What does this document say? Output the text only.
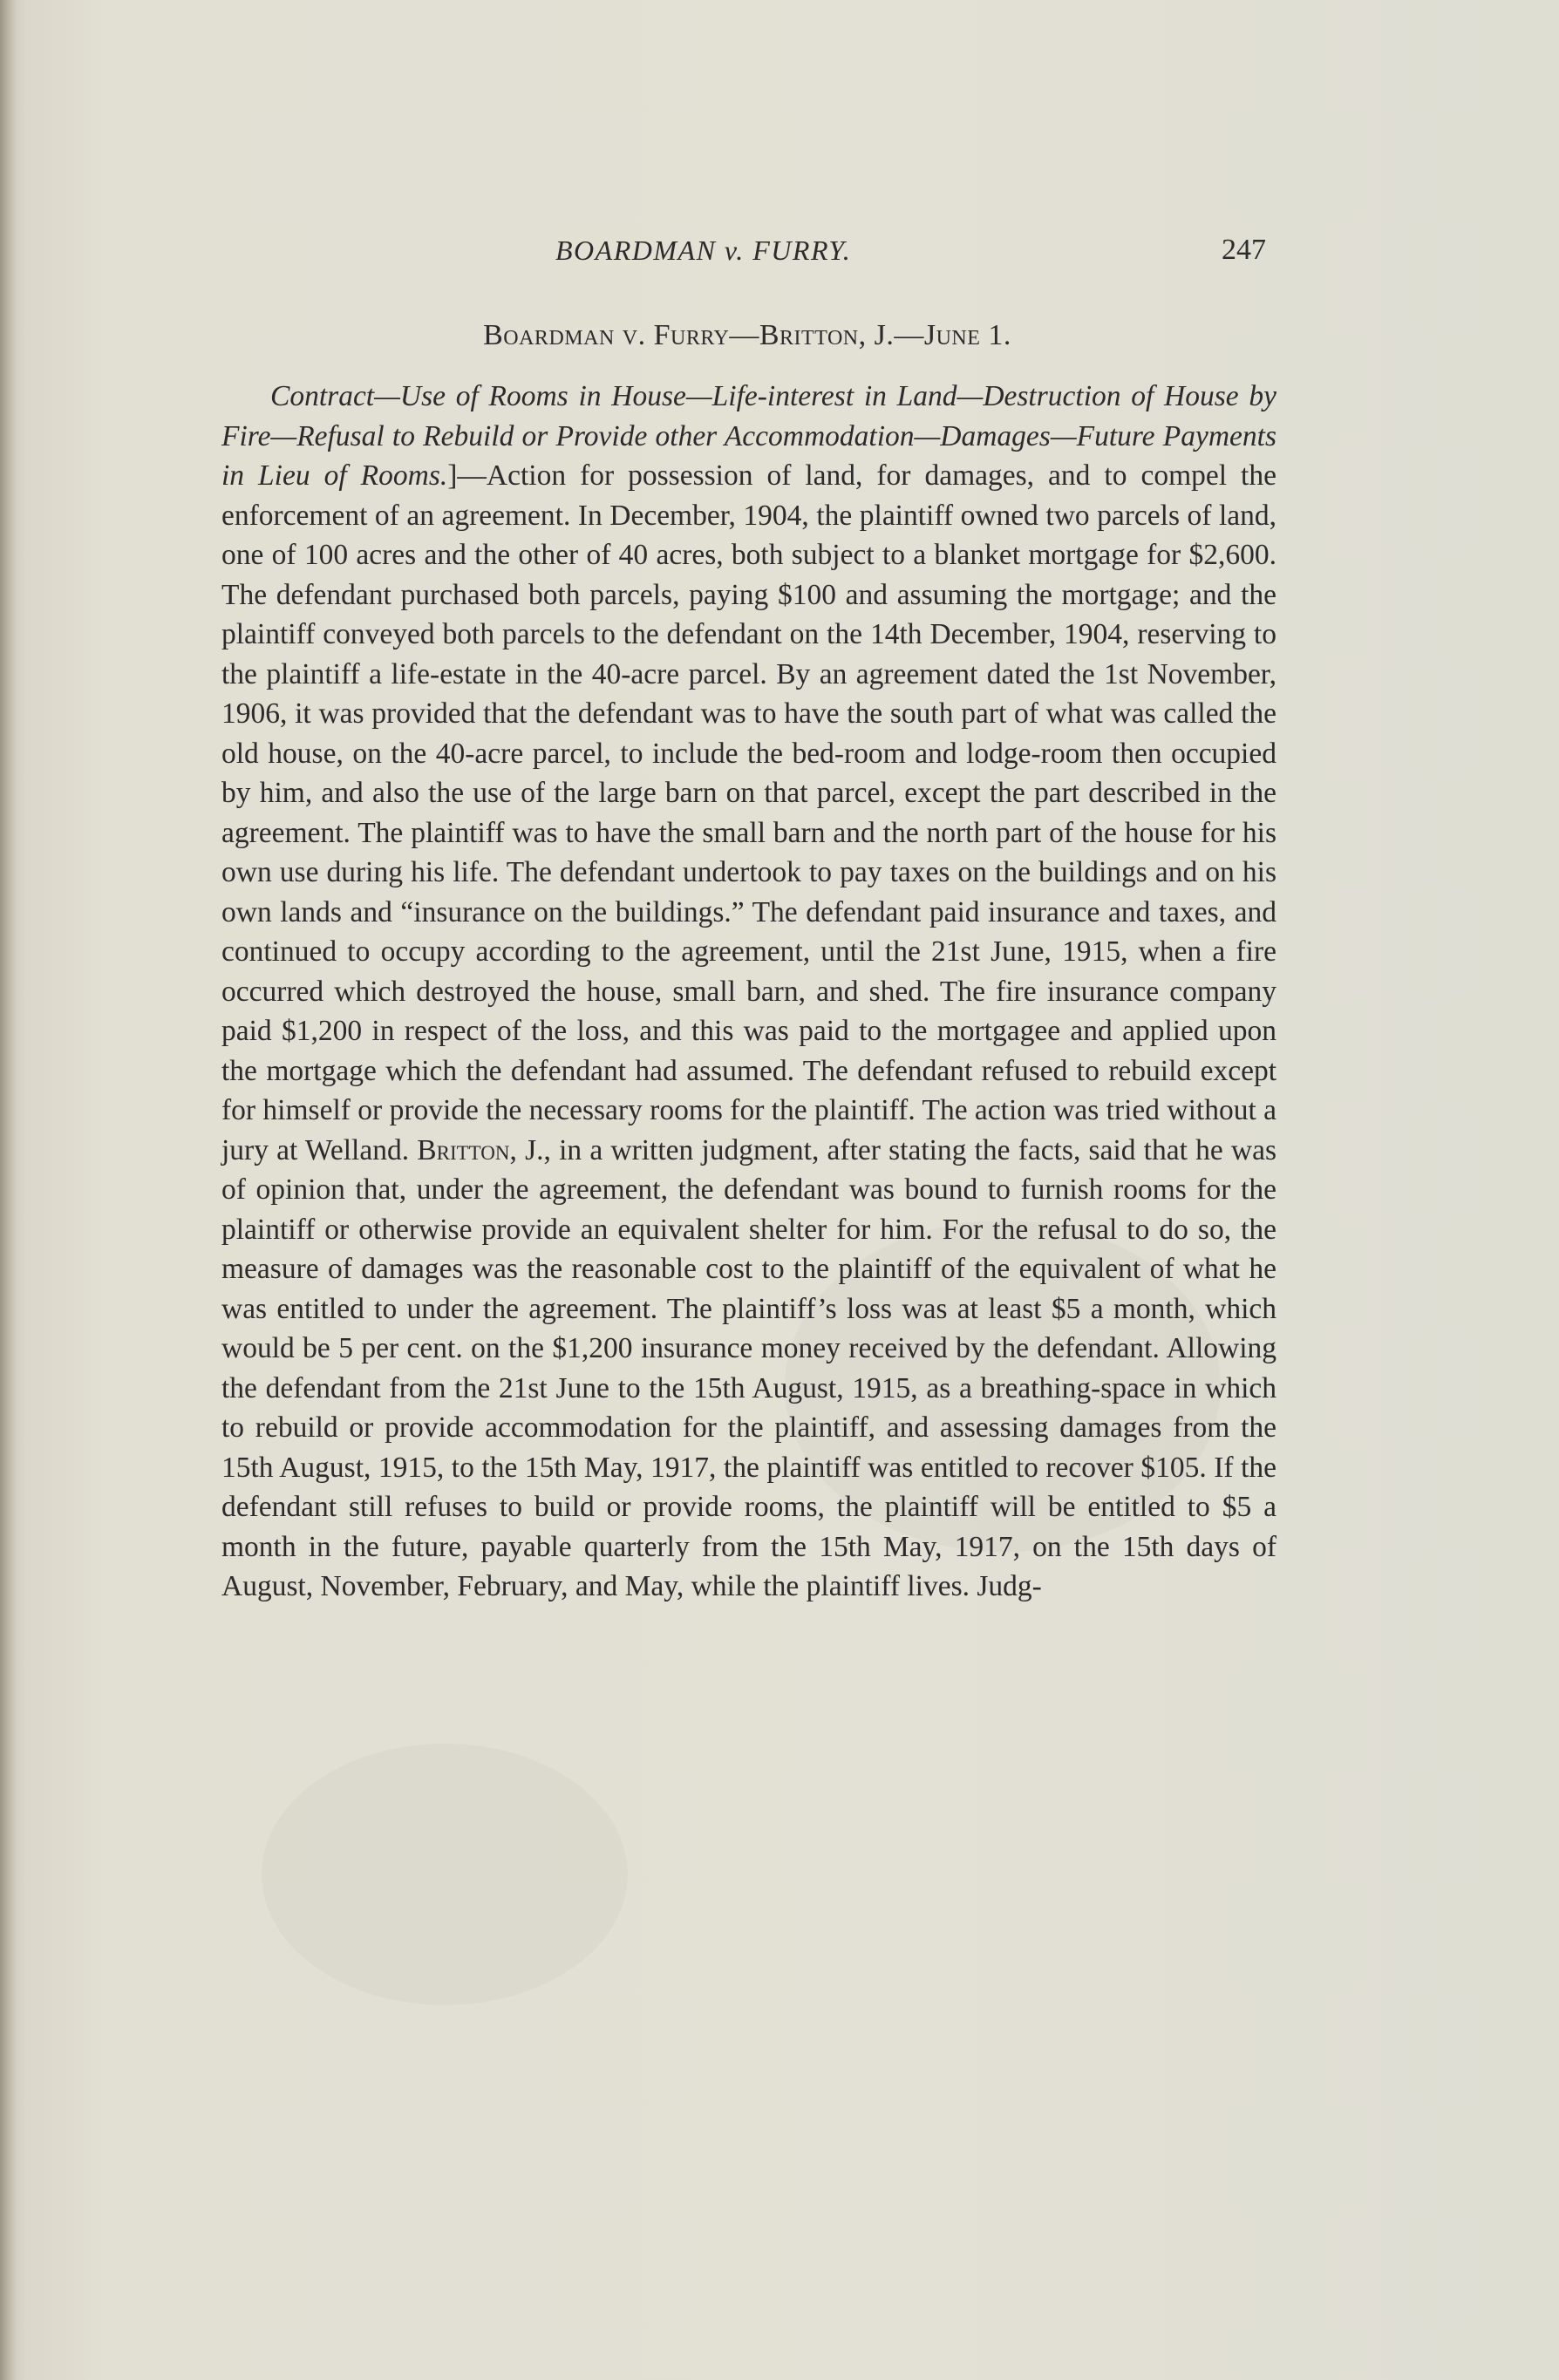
BOARDMAN v. FURRY.	247
Boardman v. Furry—Britton, J.—June 1.

Contract—Use of Rooms in House—Life-interest in Land—Destruction of House by Fire—Refusal to Rebuild or Provide other Accommodation—Damages—Future Payments in Lieu of Rooms.]—Action for possession of land, for damages, and to compel the enforcement of an agreement. In December, 1904, the plaintiff owned two parcels of land, one of 100 acres and the other of 40 acres, both subject to a blanket mortgage for $2,600. The defendant purchased both parcels, paying $100 and assuming the mortgage; and the plaintiff conveyed both parcels to the defendant on the 14th December, 1904, reserving to the plaintiff a life-estate in the 40-acre parcel. By an agreement dated the 1st November, 1906, it was provided that the defendant was to have the south part of what was called the old house, on the 40-acre parcel, to include the bed-room and lodge-room then occupied by him, and also the use of the large barn on that parcel, except the part described in the agreement. The plaintiff was to have the small barn and the north part of the house for his own use during his life. The defendant undertook to pay taxes on the buildings and on his own lands and “insurance on the buildings.” The defendant paid insurance and taxes, and continued to occupy according to the agreement, until the 21st June, 1915, when a fire occurred which destroyed the house, small barn, and shed. The fire insurance company paid $1,200 in respect of the loss, and this was paid to the mortgagee and applied upon the mortgage which the defendant had assumed. The defendant refused to rebuild except for himself or provide the necessary rooms for the plaintiff. The action was tried without a jury at Welland. Britton, J., in a written judgment, after stating the facts, said that he was of opinion that, under the agreement, the defendant was bound to furnish rooms for the plaintiff or otherwise provide an equivalent shelter for him. For the refusal to do so, the measure of damages was the reasonable cost to the plaintiff of the equivalent of what he was entitled to under the agreement. The plaintiff’s loss was at least $5 a month, which would be 5 per cent. on the $1,200 insurance money received by the defendant. Allowing the defendant from the 21st June to the 15th August, 1915, as a breathing-space in which to rebuild or provide accommodation for the plaintiff, and assessing damages from the 15th August, 1915, to the 15th May, 1917, the plaintiff was entitled to recover $105. If the defendant still refuses to build or provide rooms, the plaintiff will be entitled to $5 a month in the future, payable quarterly from the 15th May, 1917, on the 15th days of August, November, February, and May, while the plaintiff lives. Judg-
